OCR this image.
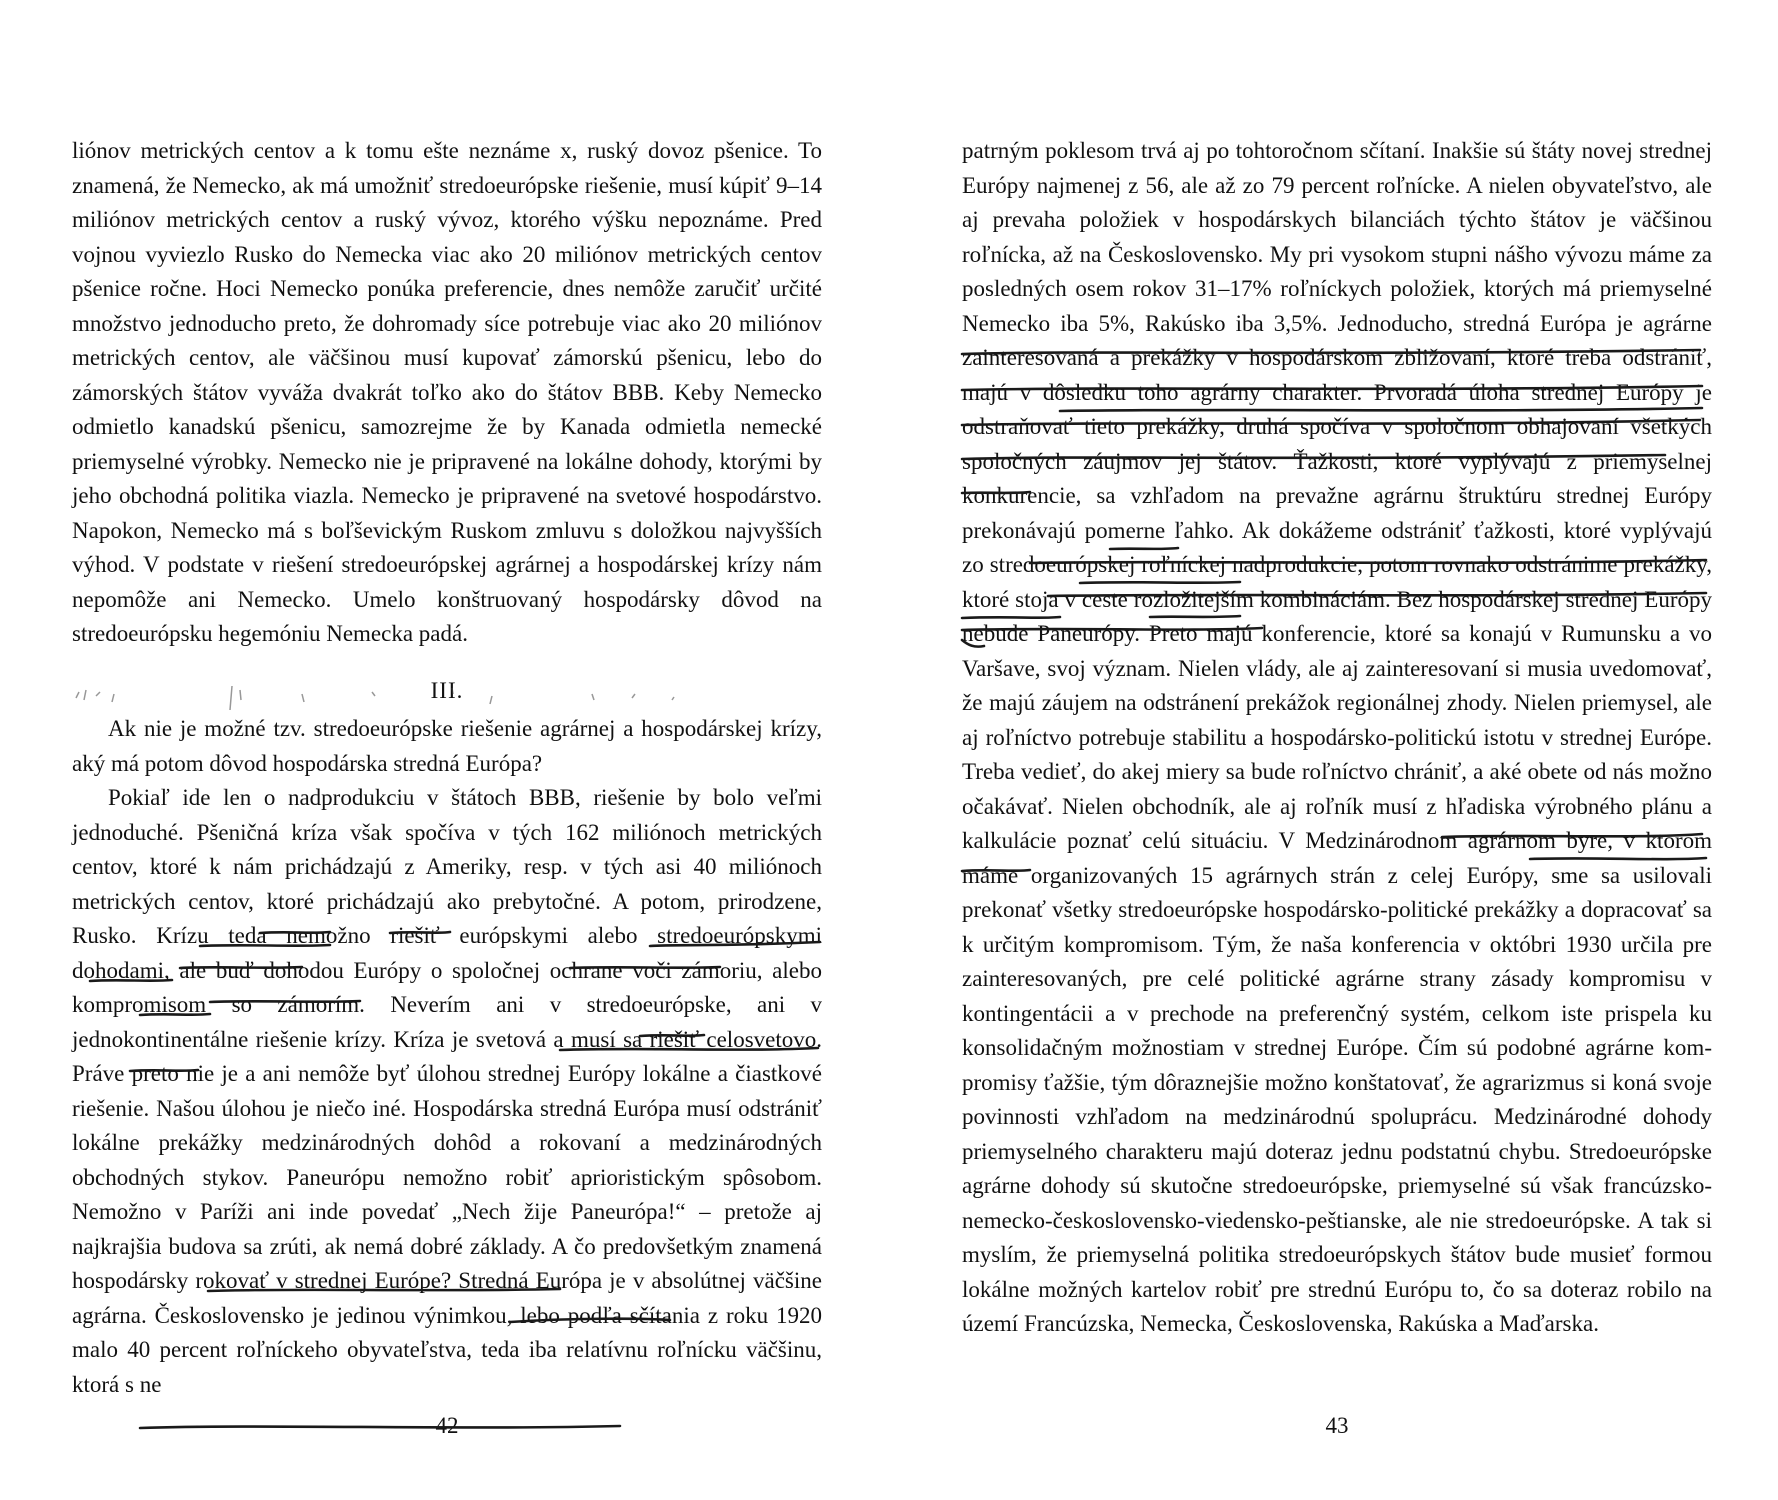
liónov metrických centov a k tomu ešte neznáme x, ruský dovoz pšenice. To znamená, že Nemecko, ak má umožniť stredoeurópske riešenie, musí kúpiť 9–14 miliónov metrických centov a ruský vývoz, ktorého výšku nepoznáme. Pred vojnou vyviezlo Rusko do Nemecka viac ako 20 miliónov metrických centov pšenice ročne. Hoci Nemecko ponúka preferencie, dnes nemôže zaručiť určité množstvo jednoducho preto, že dohromady síce potrebuje viac ako 20 miliónov metrických centov, ale väčšinou musí kupovať zámorskú pšenicu, lebo do zámorských štátov vyváža dvakrát toľko ako do štátov BBB. Keby Nemecko odmietlo kanadskú pšenicu, samozrejme že by Kanada odmietla nemecké priemyselné výrobky. Nemecko nie je pripravené na lokálne dohody, ktorými by jeho obchodná politika viazla. Nemecko je pripravené na svetové hospodárstvo. Napokon, Nemecko má s boľševickým Ruskom zmluvu s doložkou najvyšších výhod. V podstate v riešení stredoeurópskej agrárnej a hospodárskej krízy nám nepomôže ani Nemecko. Umelo konštruovaný hospodársky dôvod na stredoeurópsku hegemóniu Nemecka padá.

III.

Ak nie je možné tzv. stredoeurópske riešenie agrárnej a hospodárskej krízy, aký má potom dôvod hospodárska stredná Európa?

Pokiaľ ide len o nadprodukciu v štátoch BBB, riešenie by bolo veľmi jednoduché. Pšeničná kríza však spočíva v tých 162 miliónoch metrických centov, ktoré k nám prichádzajú z Ameriky, resp. v tých asi 40 miliónoch metrických centov, ktoré prichádzajú ako prebytočné. A potom, prirodzene, Rusko. Krízu teda nemožno riešiť európskymi alebo stredoeurópskymi dohodami, ale buď dohodou Európy o spoločnej ochrane voči zámoriu, alebo kompromisom so zámorím. Neverím ani v stredoeurópske, ani v jednokontinentálne riešenie krízy. Kríza je svetová a musí sa riešiť celosvetovo. Práve preto nie je a ani nemôže byť úlohou strednej Európy lokálne a čiastkové riešenie. Našou úlohou je niečo iné. Hospodárska stredná Európa musí odstrániť lokálne prekážky medzinárodných dohôd a rokovaní a medzinárodných obchodných stykov. Paneurópu nemožno robiť aprioristickým spôsobom. Nemožno v Paríži ani inde povedať „Nech žije Paneurópa!“ – pretože aj najkrajšia budova sa zrúti, ak nemá dobré základy. A čo predovšetkým znamená hospodársky rokovať v strednej Európe? Stredná Európa je v absolútnej väčšine agrárna. Československo je jedinou výnimkou, lebo podľa sčítania z roku 1920 malo 40 percent roľníckeho obyvateľstva, teda iba relatívnu roľnícku väčšinu, ktorá s ne

patrným poklesom trvá aj po tohtoročnom sčítaní. Inakšie sú štáty novej strednej Európy najmenej z 56, ale až zo 79 percent roľnícke. A nielen obyvateľstvo, ale aj prevaha položiek v hospodárskych bilanciách týchto štátov je väčšinou roľnícka, až na Československo. My pri vysokom stupni nášho vývozu máme za posledných osem rokov 31–17% roľníckych položiek, ktorých má priemyselné Nemecko iba 5%, Rakúsko iba 3,5%. Jednoducho, stredná Európa je agrárne zainteresovaná a prekážky v hospodárskom zbližovaní, ktoré treba odstrániť, majú v dôsledku toho agrárny charakter. Prvoradá úloha strednej Európy je odstraňovať tieto prekážky, druhá spočíva v spoločnom obhajovaní všetkých spoločných záujmov jej štátov. Ťažkosti, ktoré vyplývajú z priemyselnej konkurencie, sa vzhľadom na prevažne agrárnu štruktúru strednej Európy prekonávajú pomerne ľahko. Ak dokážeme odstrániť ťažkosti, ktoré vyplývajú zo stredoeurópskej roľníckej nadprodukcie, potom rovnako odstránime prekážky, ktoré stoja v ceste rozložitejším kombináciám. Bez hospodárskej strednej Európy nebude Paneurópy. Preto majú konferencie, ktoré sa konajú v Rumunsku a vo Varšave, svoj význam. Nielen vlády, ale aj zainteresovaní si musia uvedomovať, že majú záujem na odstránení prekážok regionálnej zhody. Nielen priemysel, ale aj roľníctvo potrebuje stabilitu a hospodársko-politickú istotu v strednej Európe. Treba vedieť, do akej miery sa bude roľníctvo chrániť, a aké obete od nás možno očakávať. Nielen obchodník, ale aj roľník musí z hľadiska výrobného plánu a kalkulácie poznať celú situáciu. V Medzinárodnom agrárnom byre, v ktorom máme organizovaných 15 agrárnych strán z celej Európy, sme sa usilovali prekonať všetky stredoeurópske hospodársko-politické prekážky a dopracovať sa k určitým kompromisom. Tým, že naša konferencia v októbri 1930 určila pre zainteresovaných, pre celé politické agrárne strany zásady kompromisu v kontingentácii a v prechode na preferenčný systém, celkom iste prispela ku konsolidačným možnostiam v strednej Európe. Čím sú podobné agrárne kompromisy ťažšie, tým dôraznejšie možno konštatovať, že agrarizmus si koná svoje povinnosti vzhľadom na medzinárodnú spoluprácu. Medzinárodné dohody priemyselného charakteru majú doteraz jednu podstatnú chybu. Stredoeurópske agrárne dohody sú skutočne stredoeurópske, priemyselné sú však francúzsko-nemecko-československo-viedensko-peštianske, ale nie stredoeurópske. A tak si myslím, že priemyselná politika stredoeurópskych štátov bude musieť formou lokálne možných kartelov robiť pre strednú Európu to, čo sa doteraz robilo na území Francúzska, Nemecka, Československa, Rakúska a Maďarska.

42	43
